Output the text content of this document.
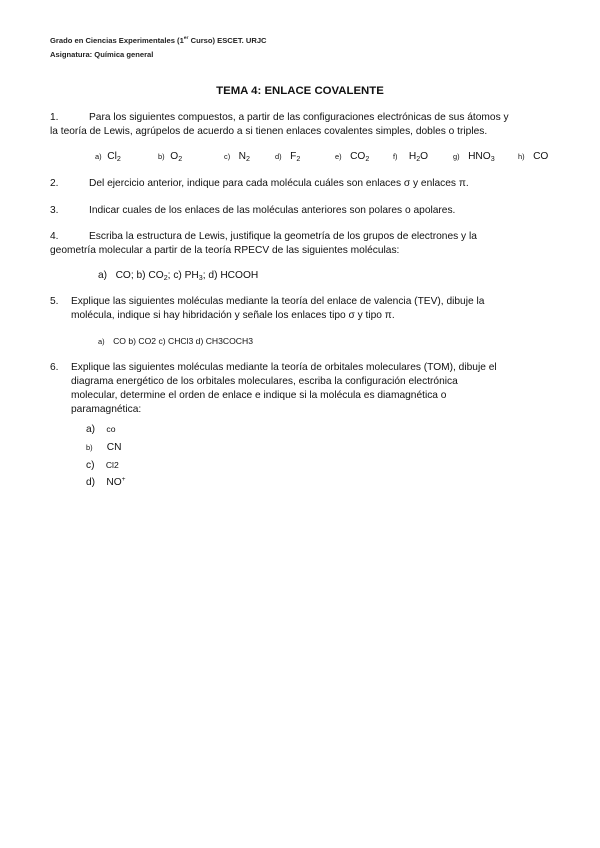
Grado en Ciencias Experimentales (1er Curso) ESCET. URJC
Asignatura: Química general
TEMA 4: ENLACE COVALENTE
1.	Para los siguientes compuestos, a partir de las configuraciones electrónicas de sus átomos y
la teoría de Lewis, agrúpelos de acuerdo a si tienen enlaces covalentes simples, dobles o triples.
a) $Cl_2$	b) $O_2$	c) $N_2$	d) $F_2$	e) $CO_2$	f) $H_2O$	g) $HNO_3$	h) CO
2.	Del ejercicio anterior, indique para cada molécula cuáles son enlaces σ y enlaces π.
3.	Indicar cuales de los enlaces de las moléculas anteriores son polares o apolares.
4.	Escriba la estructura de Lewis, justifique la geometría de los grupos de electrones y la
geometría molecular a partir de la teoría RPECV de las siguientes moléculas:
a) CO; b) $CO_2$; c) $PH_3$; d) HCOOH
5. Explique las siguientes moléculas mediante la teoría del enlace de valencia (TEV), dibuje la
molécula, indique si hay hibridación y señale los enlaces tipo σ y tipo π.
a) CO b) CO2 c) CHCl3 d) CH3COCH3
6. Explique las siguientes moléculas mediante la teoría de orbitales moleculares (TOM), dibuje el
diagrama energético de los orbitales moleculares, escriba la configuración electrónica
molecular, determine el orden de enlace e indique si la molécula es diamagnética o
paramagnética:
a) co
b) CN
c) Cl2
d) NO+
